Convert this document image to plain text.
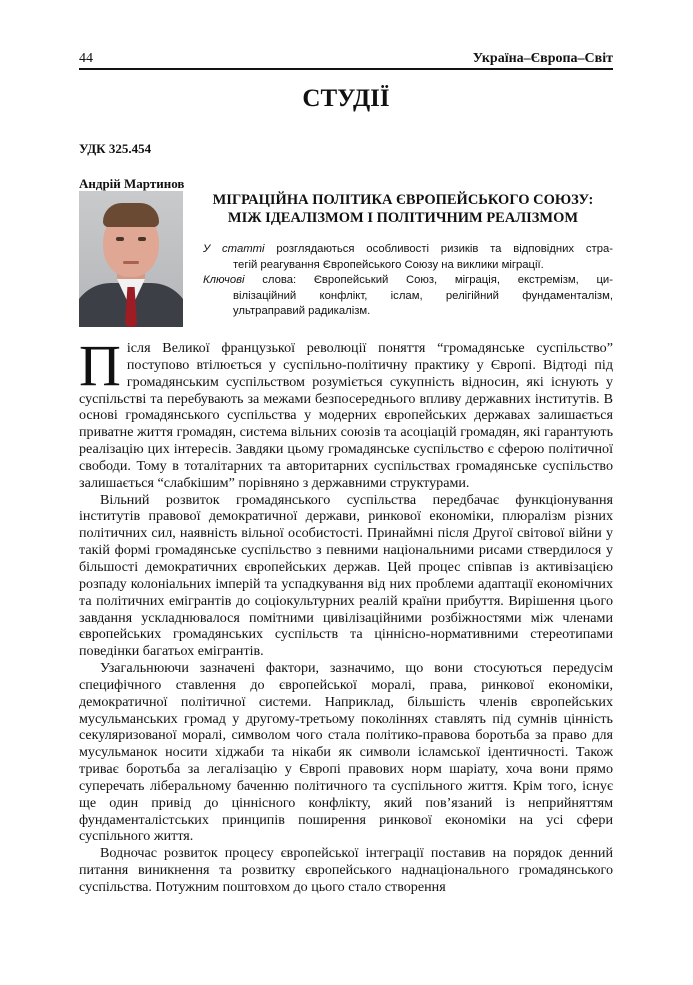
44	Україна–Європа–Світ
СТУДІЇ
УДК 325.454
Андрій Мартинов
МІГРАЦІЙНА ПОЛІТИКА ЄВРОПЕЙСЬКОГО СОЮЗУ:
МІЖ ІДЕАЛІЗМОМ І ПОЛІТИЧНИМ РЕАЛІЗМОМ
У статті розглядаються особливості ризиків та відповідних стра-
тегій реагування Європейського Союзу на виклики міграції.
Ключові слова: Європейський Союз, міграція, екстремізм, ци-
вілізаційний конфлікт, іслам, релігійний фундаменталізм,
ультраправий радикалізм.

Після Великої французької революції поняття “громадянське суспільство” поступово втілюється у суспільно-політичну практику у Європі. Відтоді під громадянським суспільством розуміється сукупність відносин, які існують у суспільстві та перебувають за межами безпосереднього впливу державних інститутів. В основі громадянського суспільства у модерних європейських державах залишається приватне життя громадян, система вільних союзів та асоціацій громадян, які гарантують реалізацію цих інтересів. Завдяки цьому громадянське суспільство є сферою політичної свободи. Тому в тоталітарних та авторитарних суспільствах громадянське суспільство залишається “слабкішим” порівняно з державними структурами.

Вільний розвиток громадянського суспільства передбачає функціонування інститутів правової демократичної держави, ринкової економіки, плюралізм різних політичних сил, наявність вільної особистості. Принаймні після Другої світової війни у такій формі громадянське суспільство з певними національними рисами ствердилося у більшості демократичних європейських держав. Цей процес співпав із активізацією розпаду колоніальних імперій та успадкування від них проблеми адаптації економічних та політичних емігрантів до соціокультурних реалій країни прибуття. Вирішення цього завдання ускладнювалося помітними цивілізаційними розбіжностями між членами європейських громадянських суспільств та ціннісно-нормативними стереотипами поведінки багатьох емігрантів.

Узагальнюючи зазначені фактори, зазначимо, що вони стосуються передусім специфічного ставлення до європейської моралі, права, ринкової економіки, демократичної політичної системи. Наприклад, більшість членів європейських мусульманських громад у другому-третьому поколіннях ставлять під сумнів цінність секуляризованої моралі, символом чого стала політико-правова боротьба за право для мусульманок носити хіджаби та нікаби як символи ісламської ідентичності. Також триває боротьба за легалізацію у Європі правових норм шаріату, хоча вони прямо суперечать ліберальному баченню політичного та суспільного життя. Крім того, існує ще один привід до ціннісного конфлікту, який пов’язаний із неприйняттям фундаменталістських принципів поширення ринкової економіки на усі сфери суспільного життя.

Водночас розвиток процесу європейської інтеграції поставив на порядок денний питання виникнення та розвитку європейського наднаціонального громадянського суспільства. Потужним поштовхом до цього стало створення
